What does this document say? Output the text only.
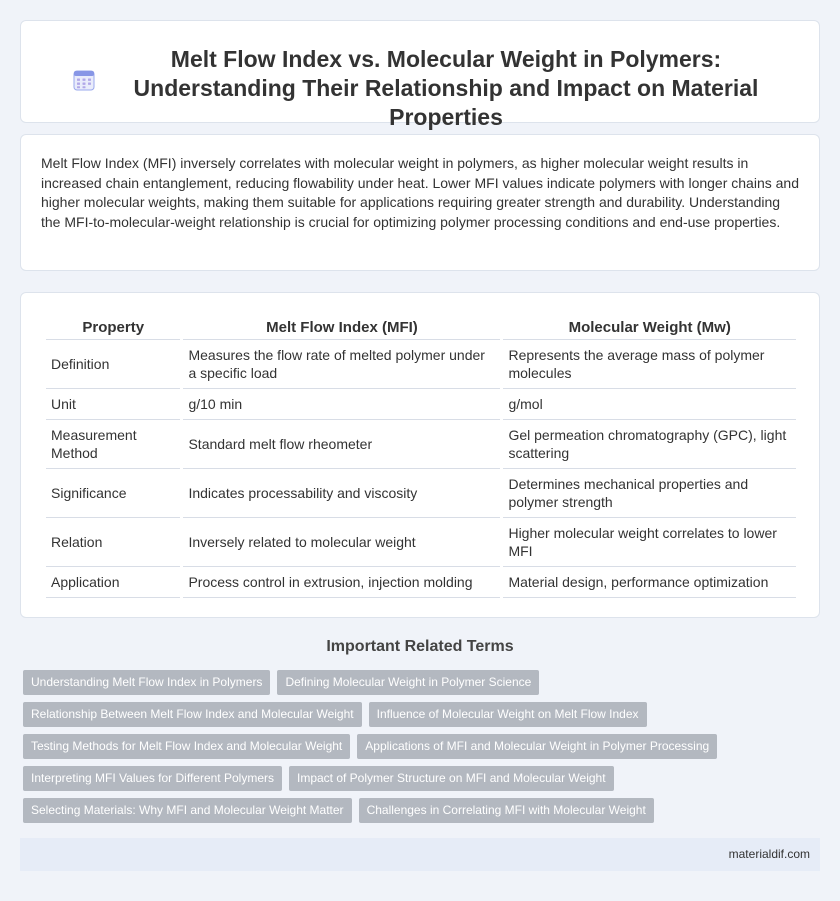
Melt Flow Index vs. Molecular Weight in Polymers: Understanding Their Relationship and Impact on Material Properties

Melt Flow Index (MFI) inversely correlates with molecular weight in polymers, as higher molecular weight results in increased chain entanglement, reducing flowability under heat. Lower MFI values indicate polymers with longer chains and higher molecular weights, making them suitable for applications requiring greater strength and durability. Understanding the MFI-to-molecular-weight relationship is crucial for optimizing polymer processing conditions and end-use properties.

Property	Melt Flow Index (MFI)	Molecular Weight (Mw)
Definition	Measures the flow rate of melted polymer under a specific load	Represents the average mass of polymer molecules
Unit	g/10 min	g/mol
Measurement Method	Standard melt flow rheometer	Gel permeation chromatography (GPC), light scattering
Significance	Indicates processability and viscosity	Determines mechanical properties and polymer strength
Relation	Inversely related to molecular weight	Higher molecular weight correlates to lower MFI
Application	Process control in extrusion, injection molding	Material design, performance optimization
Important Related Terms
Understanding Melt Flow Index in Polymers	Defining Molecular Weight in Polymer Science
Relationship Between Melt Flow Index and Molecular Weight	Influence of Molecular Weight on Melt Flow Index
Testing Methods for Melt Flow Index and Molecular Weight	Applications of MFI and Molecular Weight in Polymer Processing
Interpreting MFI Values for Different Polymers	Impact of Polymer Structure on MFI and Molecular Weight
Selecting Materials: Why MFI and Molecular Weight Matter	Challenges in Correlating MFI with Molecular Weight
materialdif.com
